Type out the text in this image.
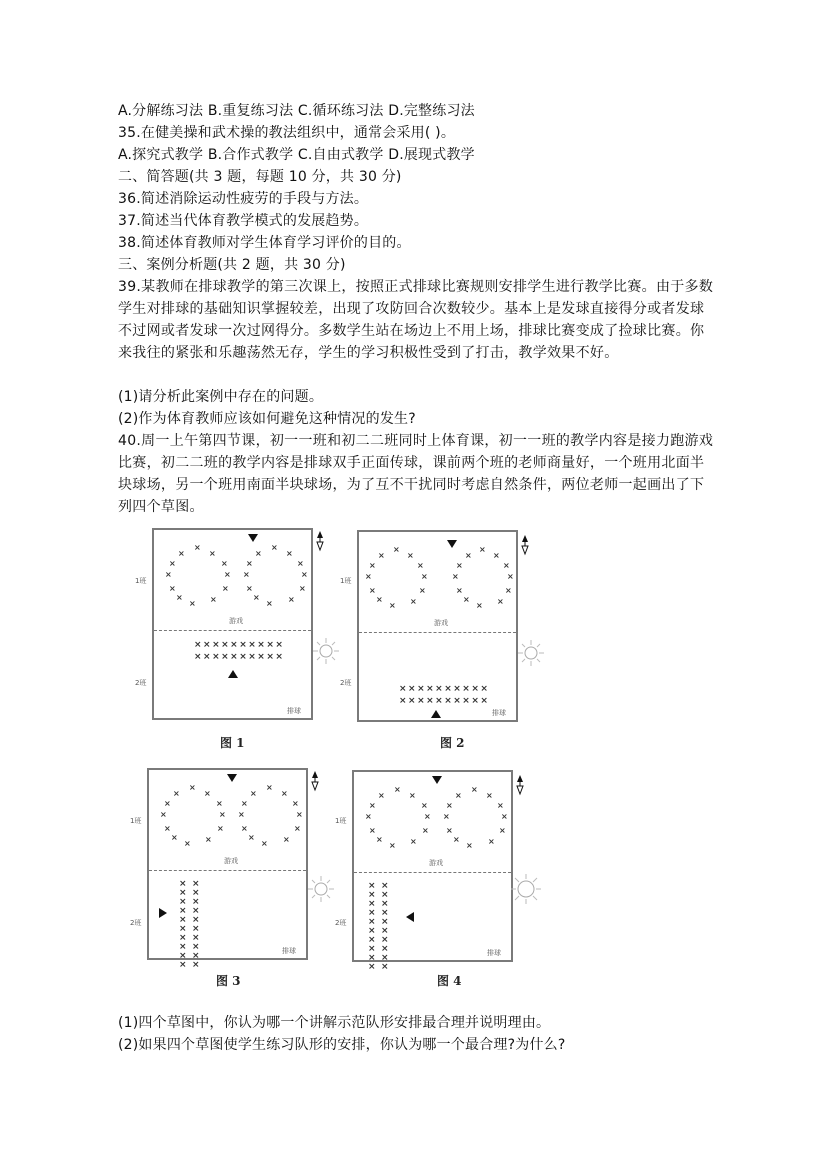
A.分解练习法 B.重复练习法 C.循环练习法 D.完整练习法
35.在健美操和武术操的教法组织中，通常会采用( )。
A.探究式教学 B.合作式教学 C.自由式教学 D.展现式教学
二、简答题(共 3 题，每题 10 分，共 30 分)
36.简述消除运动性疲劳的手段与方法。
37.简述当代体育教学模式的发展趋势。
38.简述体育教师对学生体育学习评价的目的。
三、案例分析题(共 2 题，共 30 分)
39.某教师在排球教学的第三次课上，按照正式排球比赛规则安排学生进行教学比赛。由于多数学生对排球的基础知识掌握较差，出现了攻防回合次数较少。基本上是发球直接得分或者发球不过网或者发球一次过网得分。多数学生站在场边上不用上场，排球比赛变成了捡球比赛。你来我往的紧张和乐趣荡然无存，学生的学习积极性受到了打击，教学效果不好。
(1)请分析此案例中存在的问题。
(2)作为体育教师应该如何避免这种情况的发生?
40.周一上午第四节课，初一一班和初二二班同时上体育课，初一一班的教学内容是接力跑游戏比赛，初二二班的教学内容是排球双手正面传球，课前两个班的老师商量好，一个班用北面半块球场，另一个班用南面半块球场，为了互不干扰同时考虑自然条件，两位老师一起画出了下列四个草图。
1班
2班
×
×
×
×	×
×	×
×	×
×
× ×
×
×
×
×	×
×	×
×	×
×
× ×
游戏
××××××××××
××××××××××
排球
图 1
1班
2班
×
×
×
×	×
×	×
×	×
×
× ×
×
×
×
×	×
×	×
×	×
×
× ×
游戏
××××××××××
××××××××××
排球
图 2
1班
2班
×
×
×
×	×
×	×
×	×
×
× ×
×
×
×
×	×
×	×
×	×
×
× ×
游戏
××××××××××
××××××××××
排球
图 3
1班
2班
×
×
×
×	×
×	×
×	×
×
× ×
×
×
×
×	×
×	×
×	×
×
× ×
游戏
××××××××××
××××××××××
排球
图 4
(1)四个草图中，你认为哪一个讲解示范队形安排最合理并说明理由。
(2)如果四个草图使学生练习队形的安排，你认为哪一个最合理?为什么?
